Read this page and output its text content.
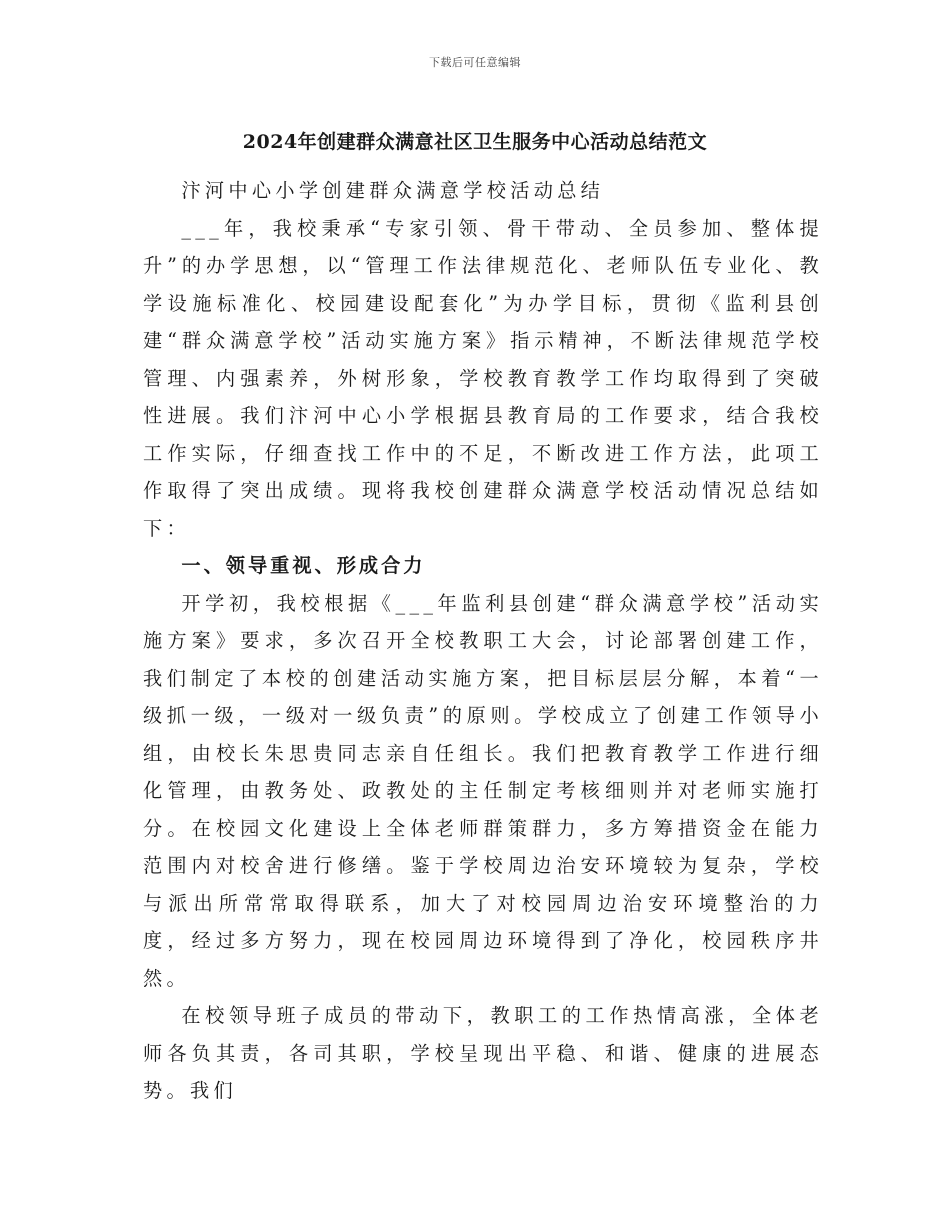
下载后可任意编辑
2024年创建群众满意社区卫生服务中心活动总结范文

汴河中心小学创建群众满意学校活动总结

___年，我校秉承“专家引领、骨干带动、全员参加、整体提升”的办学思想，以“管理工作法律规范化、老师队伍专业化、教学设施标准化、校园建设配套化”为办学目标，贯彻《监利县创建“群众满意学校”活动实施方案》指示精神，不断法律规范学校管理、内强素养，外树形象，学校教育教学工作均取得到了突破性进展。我们汴河中心小学根据县教育局的工作要求，结合我校工作实际，仔细查找工作中的不足，不断改进工作方法，此项工作取得了突出成绩。现将我校创建群众满意学校活动情况总结如下：

一、领导重视、形成合力

开学初，我校根据《___年监利县创建“群众满意学校”活动实施方案》要求，多次召开全校教职工大会，讨论部署创建工作，我们制定了本校的创建活动实施方案，把目标层层分解，本着“一级抓一级，一级对一级负责”的原则。学校成立了创建工作领导小组，由校长朱思贵同志亲自任组长。我们把教育教学工作进行细化管理，由教务处、政教处的主任制定考核细则并对老师实施打分。在校园文化建设上全体老师群策群力，多方筹措资金在能力范围内对校舍进行修缮。鉴于学校周边治安环境较为复杂，学校与派出所常常取得联系，加大了对校园周边治安环境整治的力度，经过多方努力，现在校园周边环境得到了净化，校园秩序井然。

在校领导班子成员的带动下，教职工的工作热情高涨，全体老师各负其责，各司其职，学校呈现出平稳、和谐、健康的进展态势。我们
